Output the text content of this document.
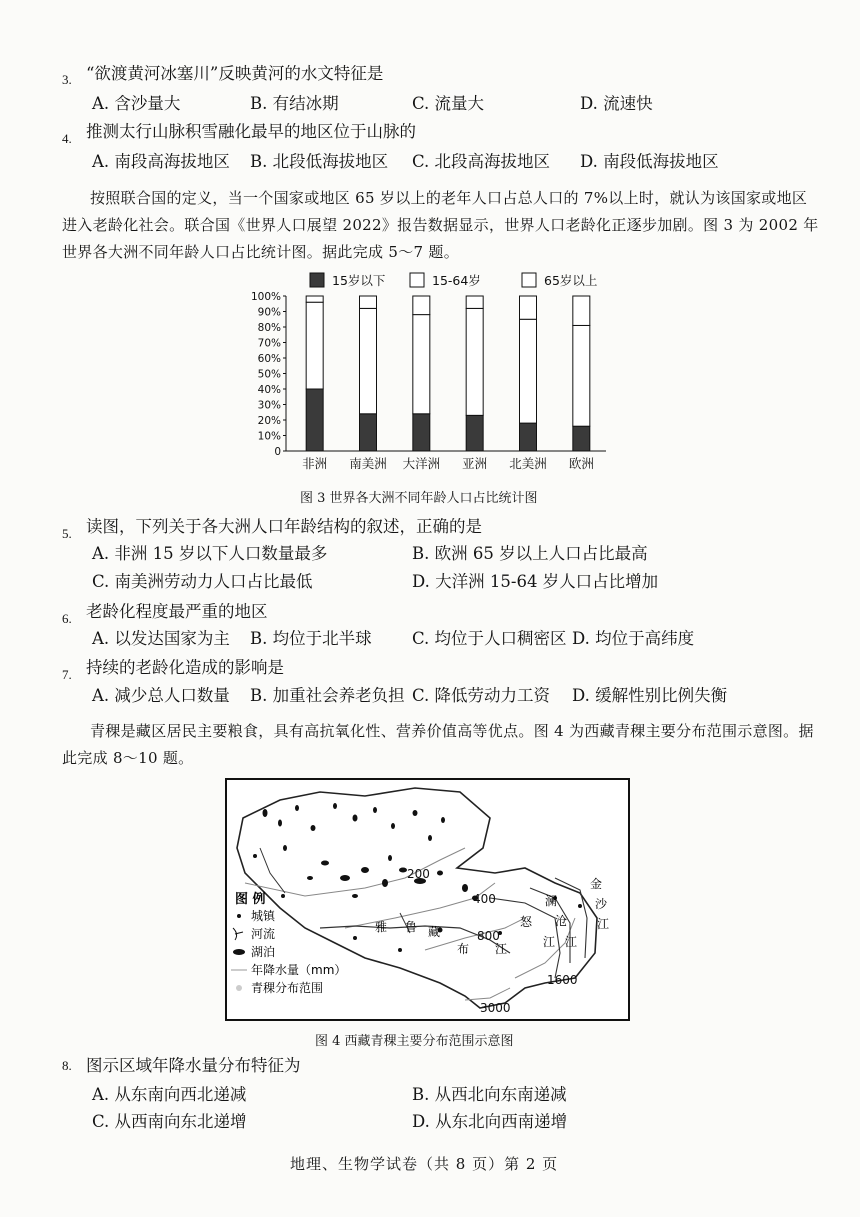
3. “欲渡黄河冰塞川”反映黄河的水文特征是
A. 含沙量大	B. 有结冰期	C. 流量大	D. 流速快
4. 推测太行山脉积雪融化最早的地区位于山脉的
A. 南段高海拔地区 B. 北段低海拔地区 C. 北段高海拔地区 D. 南段低海拔地区
按照联合国的定义，当一个国家或地区 65 岁以上的老年人口占总人口的 7%以上时，就认为该国家或地区进入老龄化社会。联合国《世界人口展望 2022》报告数据显示，世界人口老龄化正逐步加剧。图 3 为 2002 年世界各大洲不同年龄人口占比统计图。据此完成 5～7 题。
15岁以下	15-64岁	65岁以上
0
10%
20%
30%
40%
50%
60%
70%
80%
90%
100%
非洲 南美洲 大洋洲 亚洲 北美洲 欧洲
图 3 世界各大洲不同年龄人口占比统计图
5. 读图，下列关于各大洲人口年龄结构的叙述，正确的是
A. 非洲 15 岁以下人口数量最多	B. 欧洲 65 岁以上人口占比最高
C. 南美洲劳动力人口占比最低	D. 大洋洲 15-64 岁人口占比增加
6. 老龄化程度最严重的地区
A. 以发达国家为主 B. 均位于北半球 C. 均位于人口稠密区 D. 均位于高纬度
7. 持续的老龄化造成的影响是
A. 减少总人口数量 B. 加重社会养老负担 C. 降低劳动力工资 D. 缓解性别比例失衡
青稞是藏区居民主要粮食，具有高抗氧化性、营养价值高等优点。图 4 为西藏青稞主要分布范围示意图。据此完成 8～10 题。
200
400
800
1600
3000
雅 鲁 藏
布 江
怒
江
澜
沧
江
金
沙
江
图 例
城镇
河流
湖泊
年降水量（mm）
青稞分布范围
图 4 西藏青稞主要分布范围示意图
8. 图示区域年降水量分布特征为
A. 从东南向西北递减	B. 从西北向东南递减
C. 从西南向东北递增	D. 从东北向西南递增
地理、生物学试卷（共 8 页）第 2 页
